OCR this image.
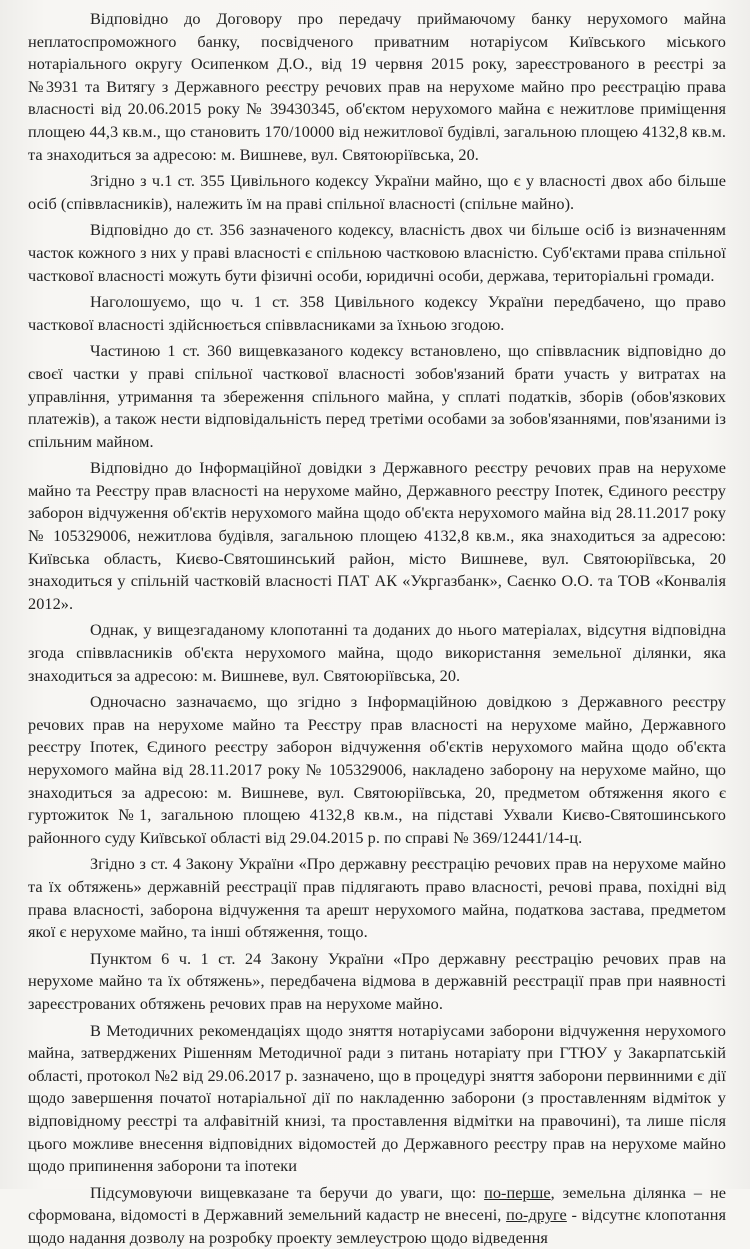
Відповідно до Договору про передачу приймаючому банку нерухомого майна неплатоспроможного банку, посвідченого приватним нотаріусом Київського міського нотаріального округу Осипенком Д.О., від 19 червня 2015 року, зареєстрованого в реєстрі за №3931 та Витягу з Державного реєстру речових прав на нерухоме майно про реєстрацію права власності від 20.06.2015 року № 39430345, об'єктом нерухомого майна є нежитлове приміщення площею 44,3 кв.м., що становить 170/10000 від нежитлової будівлі, загальною площею 4132,8 кв.м. та знаходиться за адресою: м. Вишневе, вул. Святоюріївська, 20.

Згідно з ч.1 ст. 355 Цивільного кодексу України майно, що є у власності двох або більше осіб (співвласників), належить їм на праві спільної власності (спільне майно).

Відповідно до ст. 356 зазначеного кодексу, власність двох чи більше осіб із визначенням часток кожного з них у праві власності є спільною частковою власністю. Суб'єктами права спільної часткової власності можуть бути фізичні особи, юридичні особи, держава, територіальні громади.

Наголошуємо, що ч. 1 ст. 358 Цивільного кодексу України передбачено, що право часткової власності здійснюється співвласниками за їхньою згодою.

Частиною 1 ст. 360 вищевказаного кодексу встановлено, що співвласник відповідно до своєї частки у праві спільної часткової власності зобов'язаний брати участь у витратах на управління, утримання та збереження спільного майна, у сплаті податків, зборів (обов'язкових платежів), а також нести відповідальність перед третіми особами за зобов'язаннями, пов'язаними із спільним майном.

Відповідно до Інформаційної довідки з Державного реєстру речових прав на нерухоме майно та Реєстру прав власності на нерухоме майно, Державного реєстру Іпотек, Єдиного реєстру заборон відчуження об'єктів нерухомого майна щодо об'єкта нерухомого майна від 28.11.2017 року № 105329006, нежитлова будівля, загальною площею 4132,8 кв.м., яка знаходиться за адресою: Київська область, Києво-Святошинський район, місто Вишневе, вул. Святоюріївська, 20 знаходиться у спільній частковій власності ПАТ АК «Укргазбанк», Саєнко О.О. та ТОВ «Конвалія 2012».

Однак, у вищезгаданому клопотанні та доданих до нього матеріалах, відсутня відповідна згода співвласників об'єкта нерухомого майна, щодо використання земельної ділянки, яка знаходиться за адресою: м. Вишневе, вул. Святоюріївська, 20.

Одночасно зазначаємо, що згідно з Інформаційною довідкою з Державного реєстру речових прав на нерухоме майно та Реєстру прав власності на нерухоме майно, Державного реєстру Іпотек, Єдиного реєстру заборон відчуження об'єктів нерухомого майна щодо об'єкта нерухомого майна від 28.11.2017 року № 105329006, накладено заборону на нерухоме майно, що знаходиться за адресою: м. Вишневе, вул. Святоюріївська, 20, предметом обтяження якого є гуртожиток №1, загальною площею 4132,8 кв.м., на підставі Ухвали Києво-Святошинського районного суду Київської області від 29.04.2015 р. по справі № 369/12441/14-ц.

Згідно з ст. 4 Закону України «Про державну реєстрацію речових прав на нерухоме майно та їх обтяжень» державній реєстрації прав підлягають право власності, речові права, похідні від права власності, заборона відчуження та арешт нерухомого майна, податкова застава, предметом якої є нерухоме майно, та інші обтяження, тощо.

Пунктом 6 ч. 1 ст. 24 Закону України «Про державну реєстрацію речових прав на нерухоме майно та їх обтяжень», передбачена відмова в державній реєстрації прав при наявності зареєстрованих обтяжень речових прав на нерухоме майно.

В Методичних рекомендаціях щодо зняття нотаріусами заборони відчуження нерухомого майна, затверджених Рішенням Методичної ради з питань нотаріату при ГТЮУ у Закарпатській області, протокол №2 від 29.06.2017 р. зазначено, що в процедурі зняття заборони первинними є дії щодо завершення початої нотаріальної дії по накладенню заборони (з проставленням відміток у відповідному реєстрі та алфавітній книзі, та проставлення відмітки на правочині), та лише після цього можливе внесення відповідних відомостей до Державного реєстру прав на нерухоме майно щодо припинення заборони та іпотеки

Підсумовуючи вищевказане та беручи до уваги, що: по-перше, земельна ділянка – не сформована, відомості в Державний земельний кадастр не внесені, по-друге - відсутнє клопотання щодо надання дозволу на розробку проекту землеустрою щодо відведення
